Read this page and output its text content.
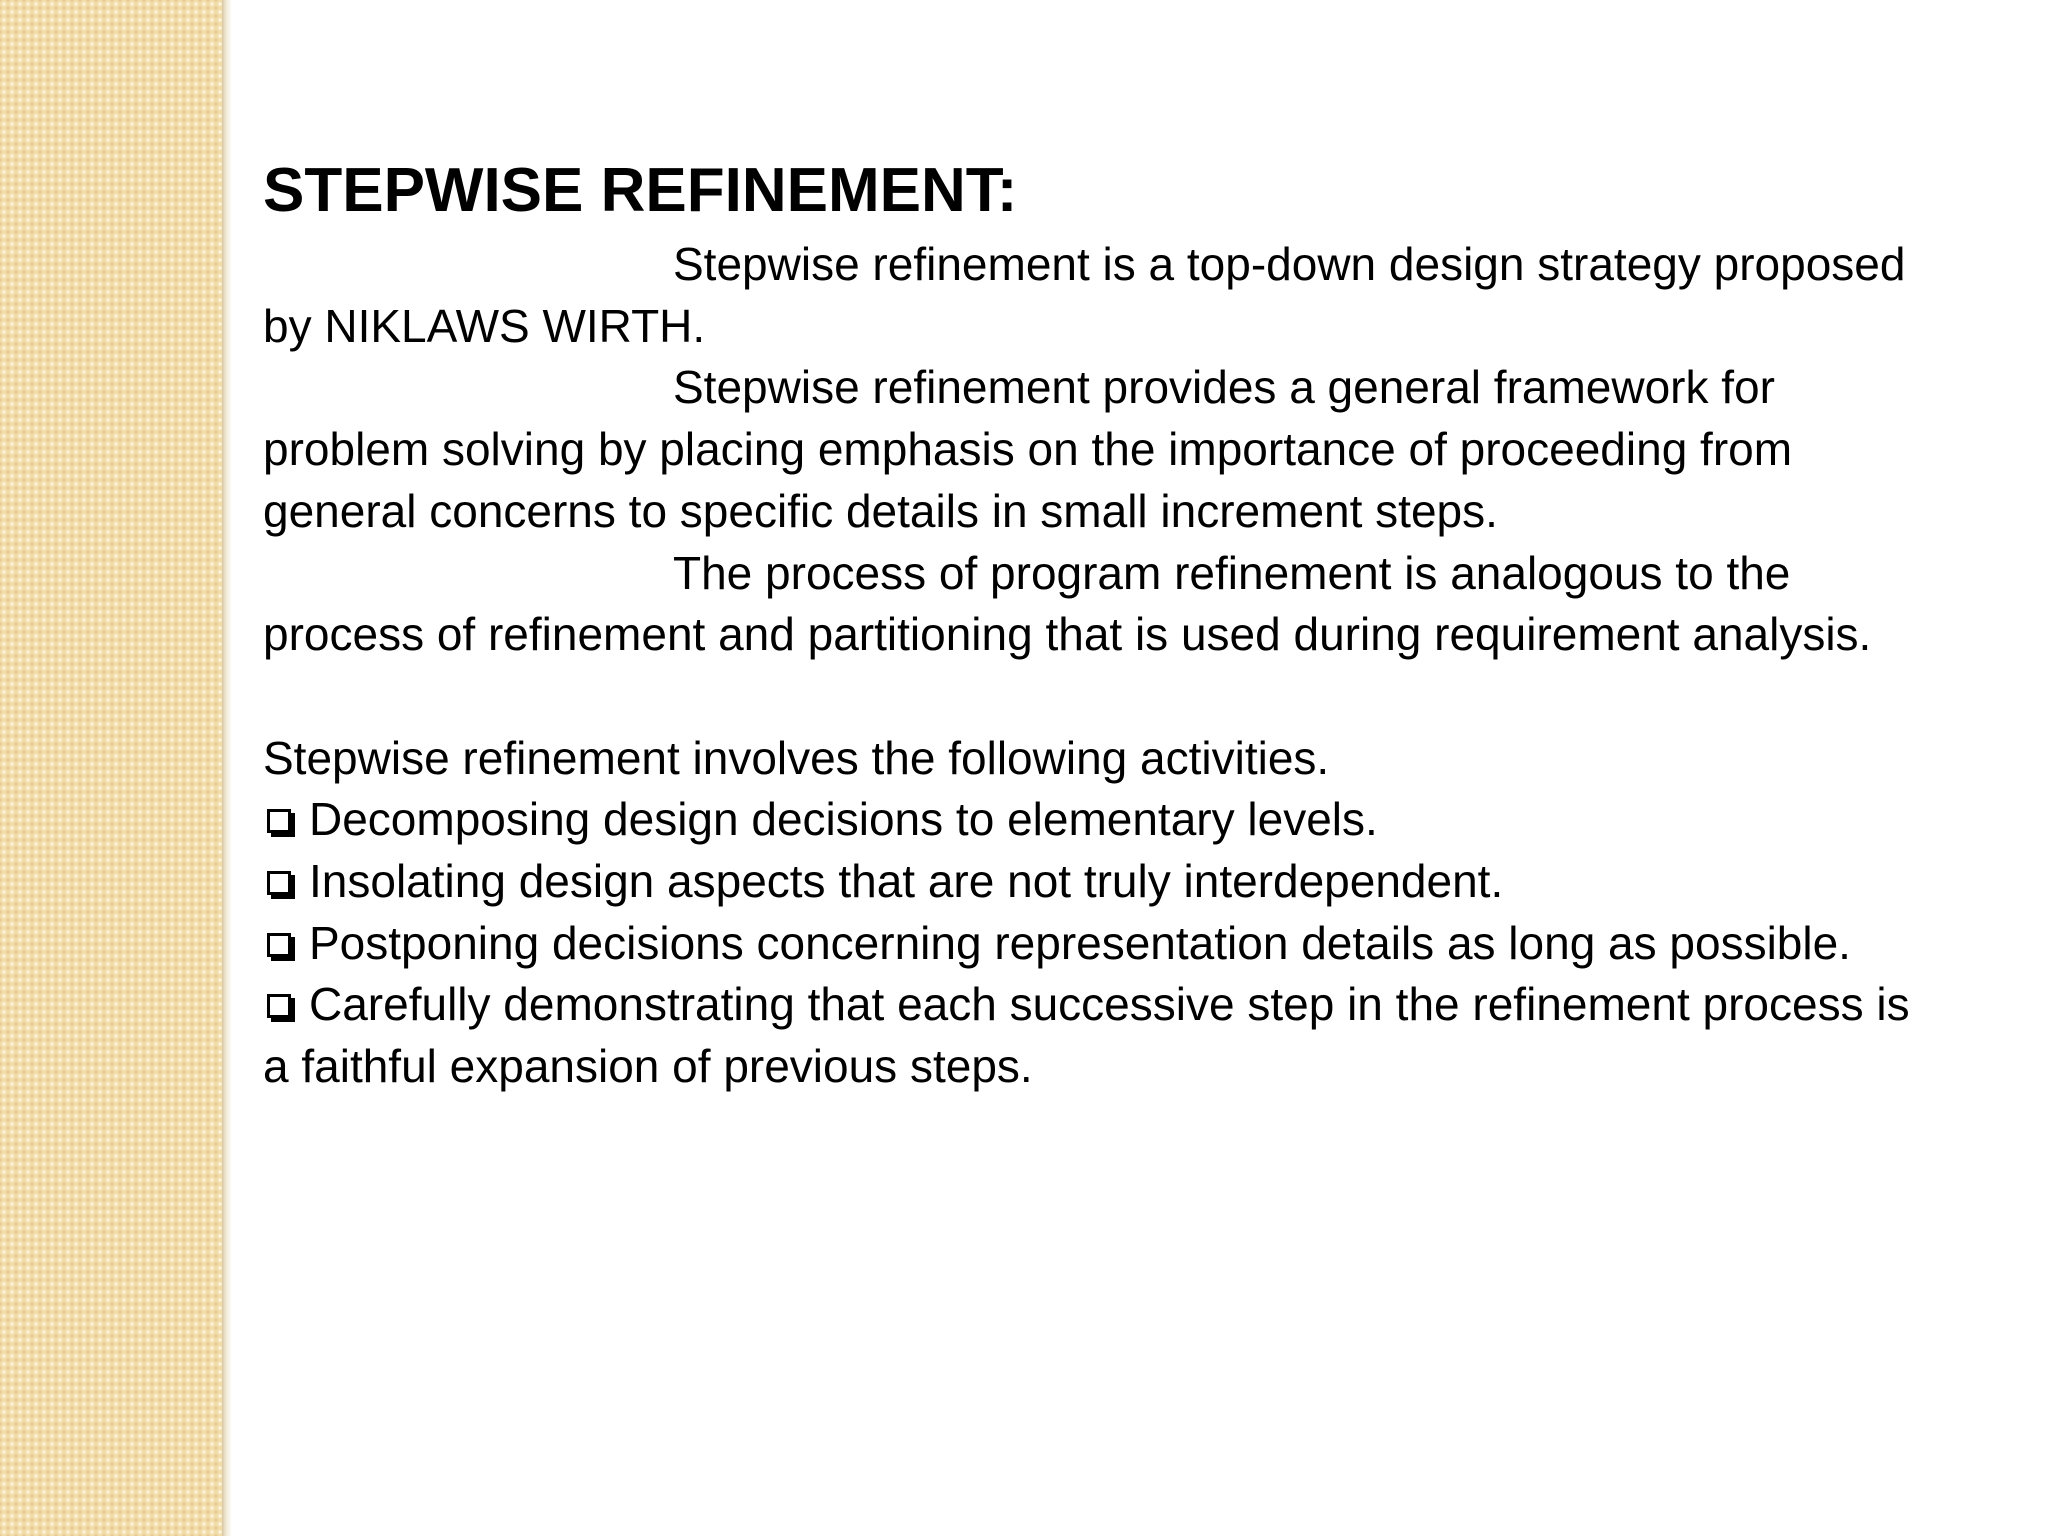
STEPWISE REFINEMENT:

Stepwise refinement is a top-down design strategy proposed by NIKLAWS WIRTH.

Stepwise refinement provides a general framework for problem solving by placing emphasis on the importance of proceeding from general concerns to specific details in small increment steps.

The process of program refinement is analogous to the process of refinement and partitioning that is used during requirement analysis.

Stepwise refinement involves the following activities.

Decomposing design decisions to elementary levels.
Insolating design aspects that are not truly interdependent.
Postponing decisions concerning representation details as long as possible.
Carefully demonstrating that each successive step in the refinement process is a faithful expansion of previous steps.
